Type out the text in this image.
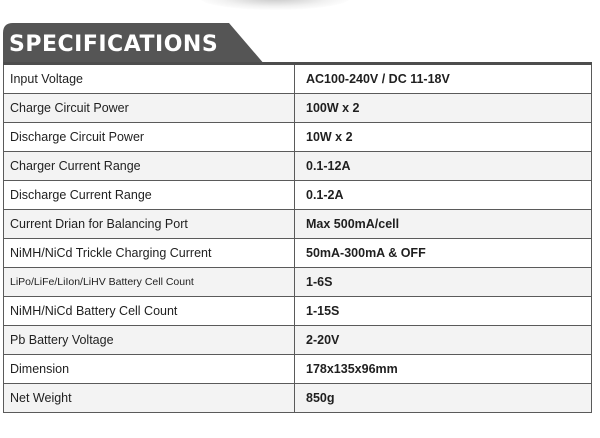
SPECIFICATIONS
Input Voltage	AC100-240V / DC 11-18V
Charge Circuit Power	100W x 2
Discharge Circuit Power	10W x 2
Charger Current Range	0.1-12A
Discharge Current Range	0.1-2A
Current Drian for Balancing Port	Max 500mA/cell
NiMH/NiCd Trickle Charging Current	50mA-300mA & OFF
LiPo/LiFe/LiIon/LiHV Battery Cell Count	1-6S
NiMH/NiCd Battery Cell Count	1-15S
Pb Battery Voltage	2-20V
Dimension	178x135x96mm
Net Weight	850g
